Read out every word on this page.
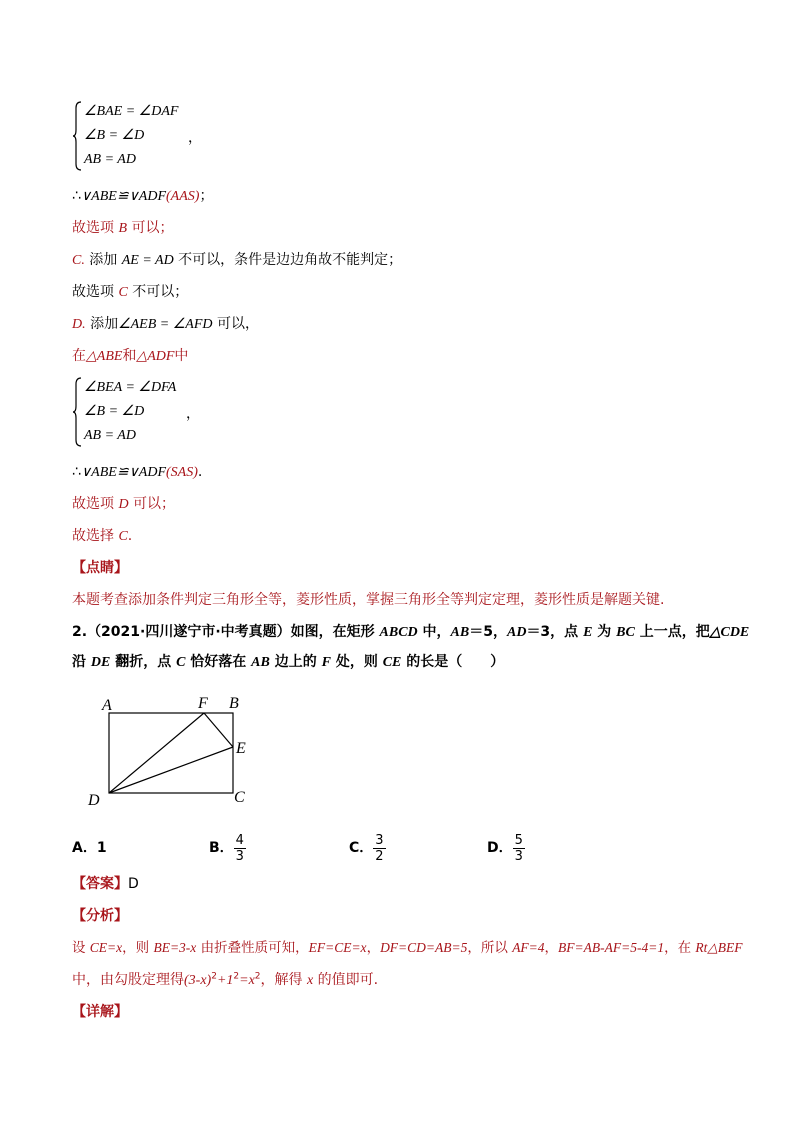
∠BAE = ∠DAF
∠B = ∠D
AB = AD
，
∴∨ABE≌∨ADF(AAS)；
故选项 B 可以；
C. 添加 AE = AD 不可以，条件是边边角故不能判定；
故选项 C 不可以；
D. 添加∠AEB = ∠AFD 可以，
在△ABE和△ADF中
∠BEA = ∠DFA
∠B = ∠D
AB = AD
，
∴∨ABE≌∨ADF(SAS).
故选项 D 可以；
故选择 C.
【点睛】
本题考查添加条件判定三角形全等，菱形性质，掌握三角形全等判定定理，菱形性质是解题关键.
2.（2021·四川遂宁市·中考真题）如图，在矩形 ABCD 中，AB＝5，AD＝3，点 E 为 BC 上一点，把△CDE
沿 DE 翻折，点 C 恰好落在 AB 边上的 F 处，则 CE 的长是（　　）
A	F B
E
D	C
A．1	B． $\frac{4}{3}$	C． $\frac{3}{2}$	D． $\frac{5}{3}$
【答案】D
【分析】
设 CE=x，则 BE=3-x 由折叠性质可知，EF=CE=x，DF=CD=AB=5，所以 AF=4，BF=AB-AF=5-4=1，在 Rt△BEF
中，由勾股定理得$(3-x)^2+1^2=x^2$，解得 x 的值即可.
【详解】
